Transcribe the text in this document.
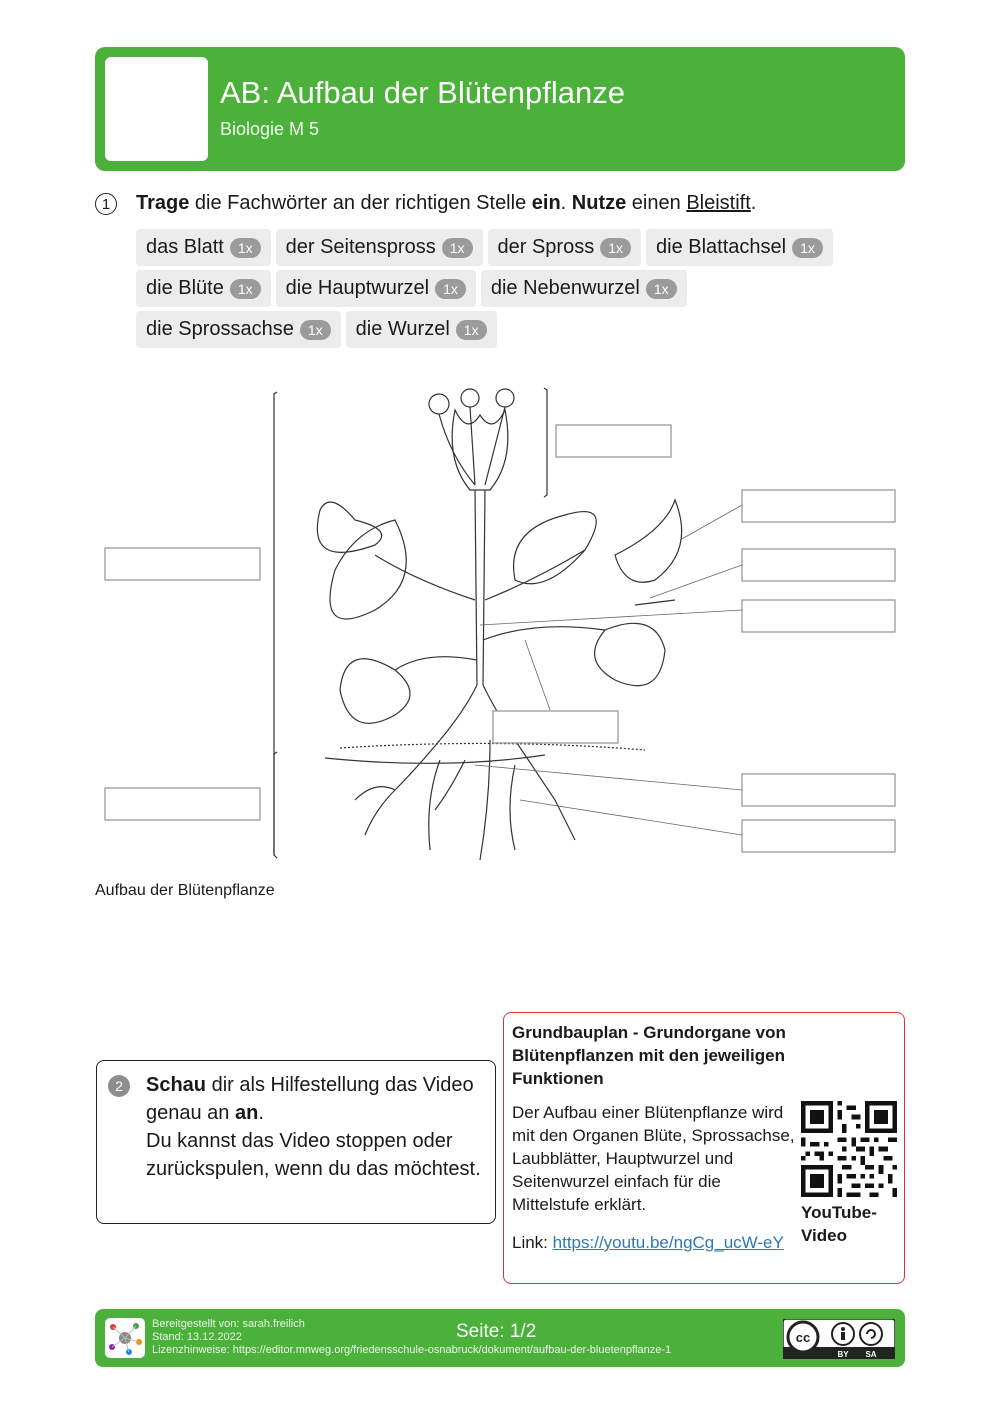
AB: Aufbau der Blütenpflanze
Biologie M 5
1	Trage die Fachwörter an der richtigen Stelle ein. Nutze einen Bleistift.
das Blatt	1x	der Seitenspross	1x	der Spross	1x	die Blattachsel	1x
die Blüte	1x	die Hauptwurzel	1x	die Nebenwurzel	1x
die Sprossachse	1x	die Wurzel	1x
Aufbau der Blütenpflanze
2	Schau dir als Hilfestellung das Video genau an an.
Du kannst das Video stoppen oder zurückspulen, wenn du das möchtest.
Grundbauplan - Grundorgane von Blütenpflanzen mit den jeweiligen Funktionen
Der Aufbau einer Blütenpflanze wird mit den Organen Blüte, Sprossachse, Laubblätter, Hauptwurzel und Seitenwurzel einfach für die Mittelstufe erklärt.
Link: https://youtu.be/ngCg_ucW-eY
YouTube-Video
Bereitgestellt von: sarah.freilich
Stand: 13.12.2022
Lizenzhinweise: https://editor.mnweg.org/friedensschule-osnabruck/dokument/aufbau-der-bluetenpflanze-1
Seite: 1/2	cc
BY SA
